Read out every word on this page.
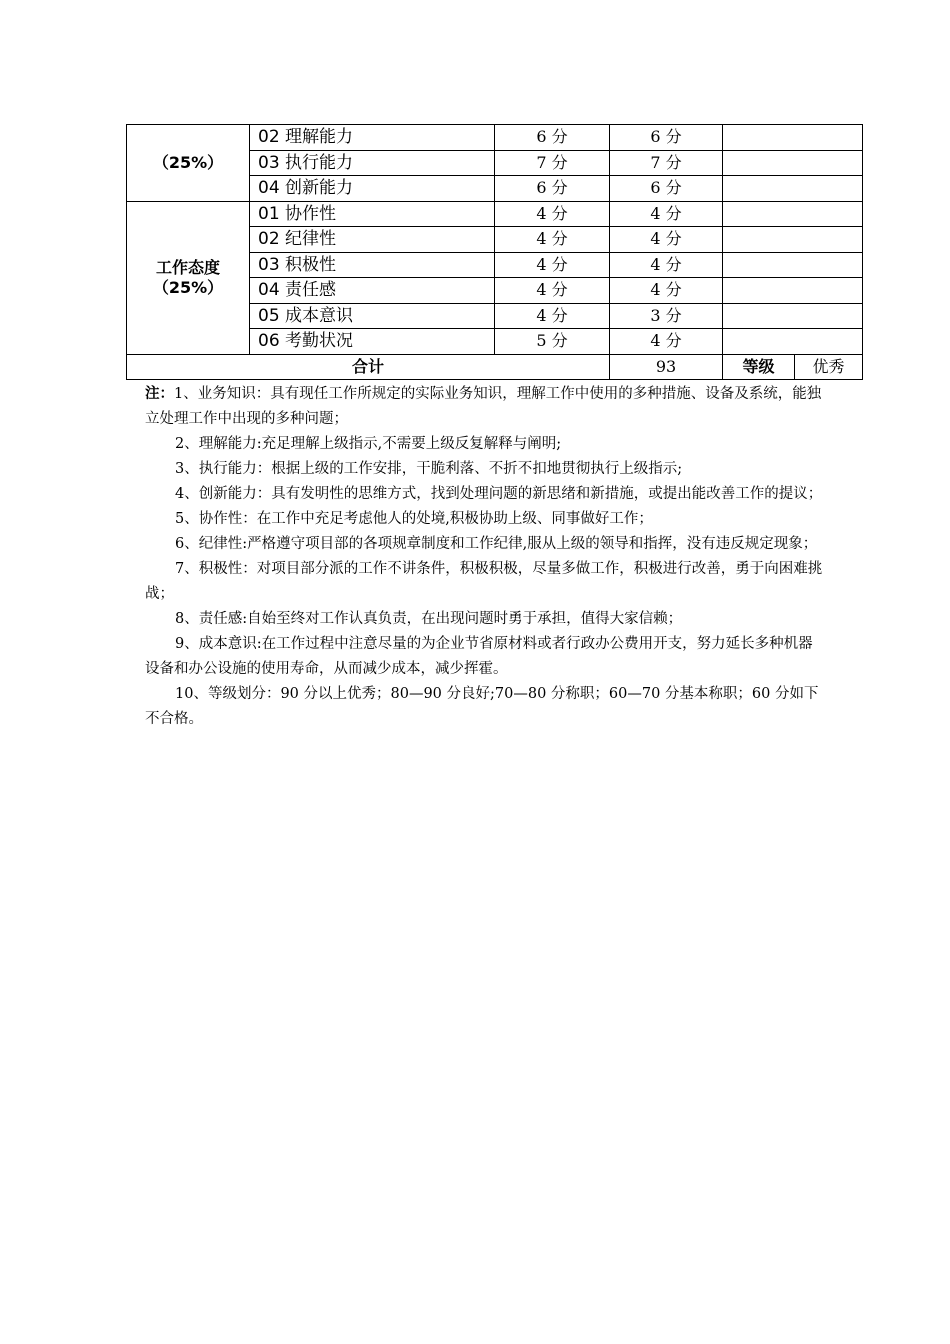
（25%）	02 理解能力	6 分	6 分		
	03 执行能力	7 分	7 分		
	04 创新能力	6 分	6 分		

工作态度
（25%）	01 协作性	4 分	4 分		
	02 纪律性	4 分	4 分		
	03 积极性	4 分	4 分		
	04 责任感	4 分	4 分		
	05 成本意识	4 分	3 分		
	06 考勤状况	5 分	4 分		
合计			93	等级	优秀

注：1、业务知识：具有现任工作所规定的实际业务知识，理解工作中使用的多种措施、设备及系统，能独立处理工作中出现的多种问题；

2、理解能力:充足理解上级指示,不需要上级反复解释与阐明;

3、执行能力：根据上级的工作安排，干脆利落、不折不扣地贯彻执行上级指示;

4、创新能力：具有发明性的思维方式，找到处理问题的新思绪和新措施，或提出能改善工作的提议；

5、协作性：在工作中充足考虑他人的处境,积极协助上级、同事做好工作；

6、纪律性:严格遵守项目部的各项规章制度和工作纪律,服从上级的领导和指挥，没有违反规定现象；

7、积极性：对项目部分派的工作不讲条件，积极积极，尽量多做工作，积极进行改善，勇于向困难挑战；

8、责任感:自始至终对工作认真负责，在出现问题时勇于承担，值得大家信赖；

9、成本意识:在工作过程中注意尽量的为企业节省原材料或者行政办公费用开支，努力延长多种机器设备和办公设施的使用寿命，从而减少成本，减少挥霍。

10、等级划分：90 分以上优秀；80—90 分良好;70—80 分称职；60—70 分基本称职；60 分如下不合格。
